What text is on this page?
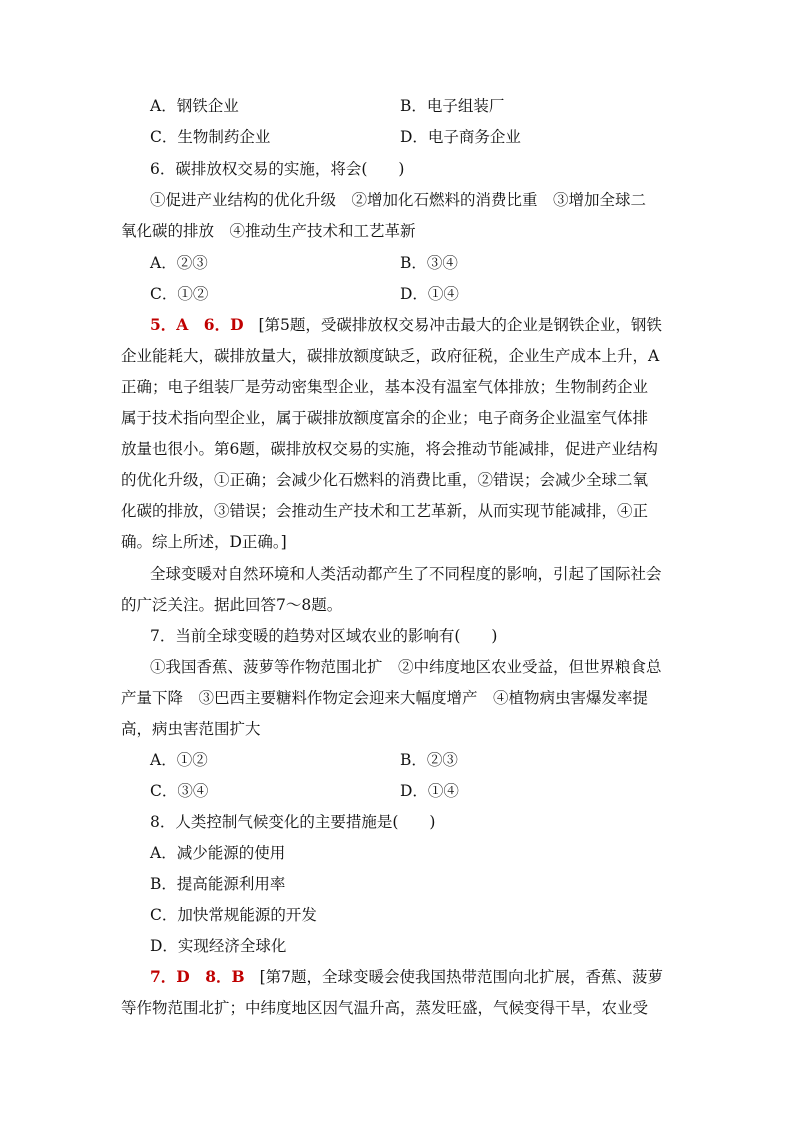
A．钢铁企业	B．电子组装厂
C．生物制药企业	D．电子商务企业
6．碳排放权交易的实施，将会(　　)
①促进产业结构的优化升级　②增加化石燃料的消费比重　③增加全球二
氧化碳的排放　④推动生产技术和工艺革新
A．②③	B．③④
C．①②	D．①④
5．A　6．D [第5题，受碳排放权交易冲击最大的企业是钢铁企业，钢铁
企业能耗大，碳排放量大，碳排放额度缺乏，政府征税，企业生产成本上升，A
正确；电子组装厂是劳动密集型企业，基本没有温室气体排放；生物制药企业
属于技术指向型企业，属于碳排放额度富余的企业；电子商务企业温室气体排
放量也很小。第6题，碳排放权交易的实施，将会推动节能减排，促进产业结构
的优化升级，①正确；会减少化石燃料的消费比重，②错误；会减少全球二氧
化碳的排放，③错误；会推动生产技术和工艺革新，从而实现节能减排，④正
确。综上所述，D正确。]
全球变暖对自然环境和人类活动都产生了不同程度的影响，引起了国际社会
的广泛关注。据此回答7～8题。
7．当前全球变暖的趋势对区域农业的影响有(　　)
①我国香蕉、菠萝等作物范围北扩　②中纬度地区农业受益，但世界粮食总
产量下降　③巴西主要糖料作物定会迎来大幅度增产　④植物病虫害爆发率提
高，病虫害范围扩大
A．①②	B．②③
C．③④	D．①④
8．人类控制气候变化的主要措施是(　　)
A．减少能源的使用
B．提高能源利用率
C．加快常规能源的开发
D．实现经济全球化
7．D　8．B [第7题，全球变暖会使我国热带范围向北扩展，香蕉、菠萝
等作物范围北扩；中纬度地区因气温升高，蒸发旺盛，气候变得干旱，农业受
